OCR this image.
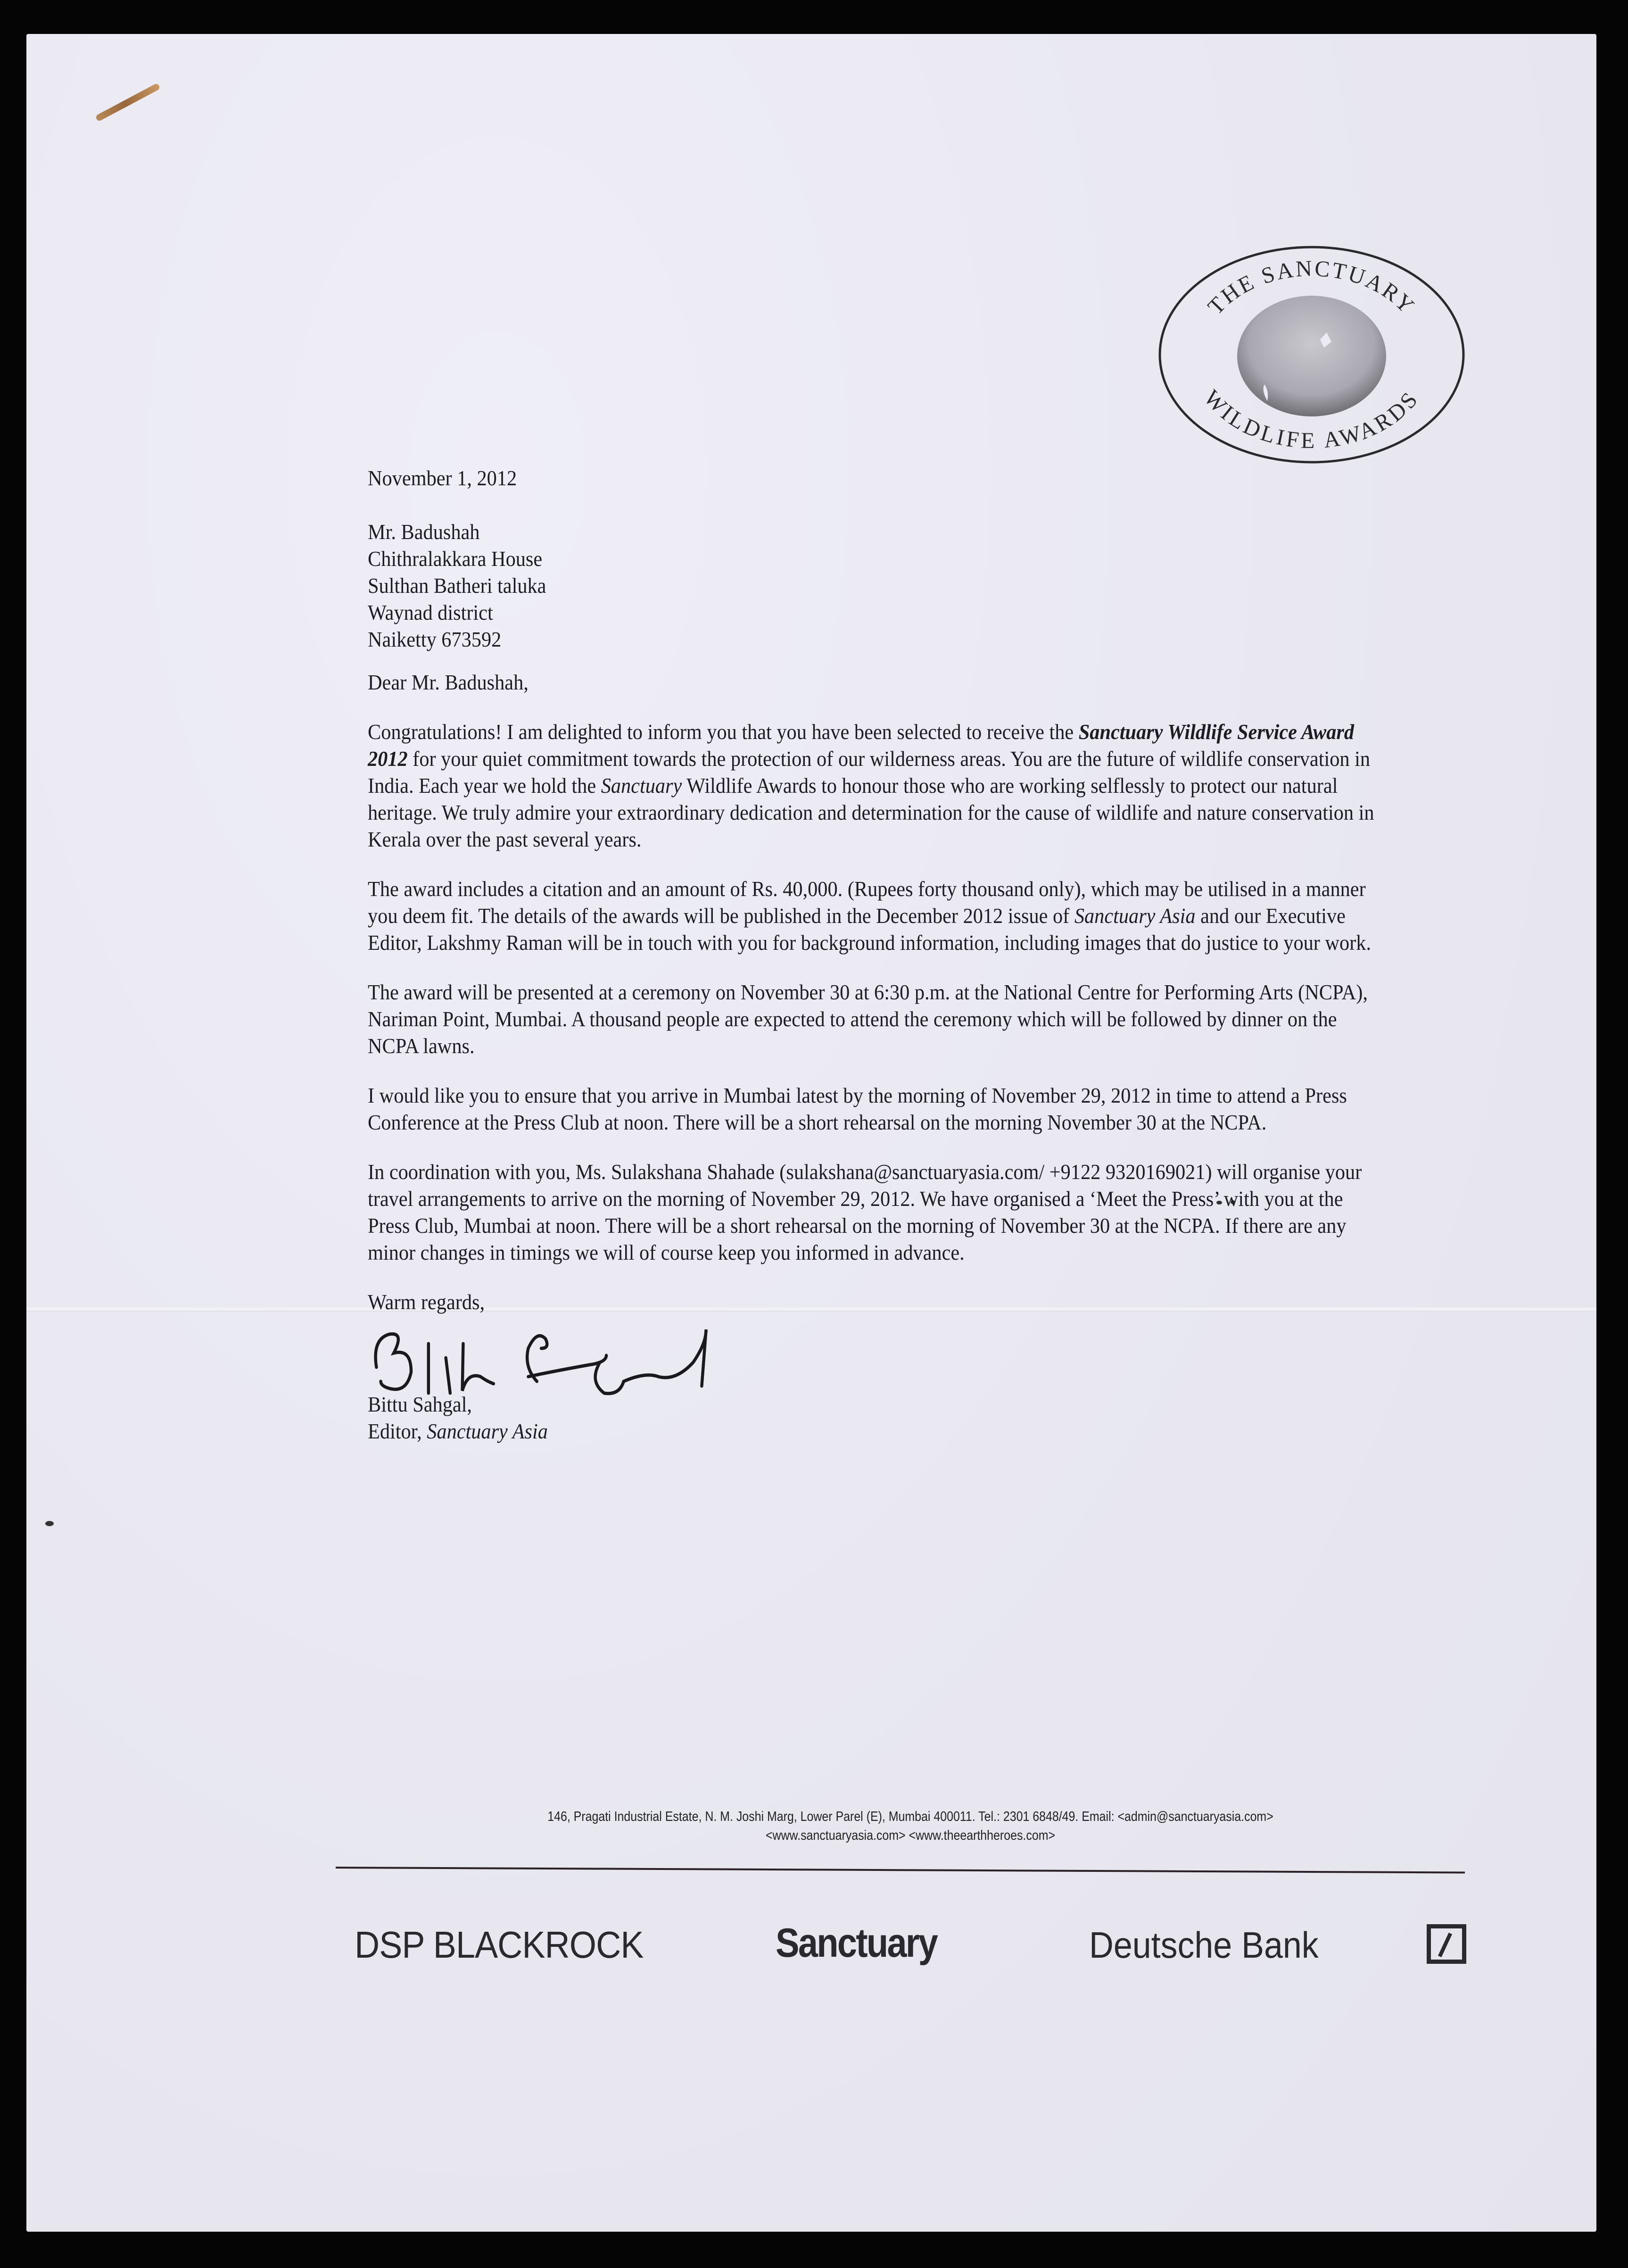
THE SANCTUARY
WILDLIFE AWARDS
November 1, 2012
Mr. Badushah
Chithralakkara House
Sulthan Batheri taluka
Waynad district
Naiketty 673592
Dear Mr. Badushah,

Congratulations! I am delighted to inform you that you have been selected to receive the Sanctuary Wildlife Service Award 2012 for your quiet commitment towards the protection of our wilderness areas. You are the future of wildlife conservation in India. Each year we hold the Sanctuary Wildlife Awards to honour those who are working selflessly to protect our natural heritage. We truly admire your extraordinary dedication and determination for the cause of wildlife and nature conservation in Kerala over the past several years.

The award includes a citation and an amount of Rs. 40,000. (Rupees forty thousand only), which may be utilised in a manner you deem fit. The details of the awards will be published in the December 2012 issue of Sanctuary Asia and our Executive Editor, Lakshmy Raman will be in touch with you for background information, including images that do justice to your work.

The award will be presented at a ceremony on November 30 at 6:30 p.m. at the National Centre for Performing Arts (NCPA), Nariman Point, Mumbai. A thousand people are expected to attend the ceremony which will be followed by dinner on the NCPA lawns.

I would like you to ensure that you arrive in Mumbai latest by the morning of November 29, 2012 in time to attend a Press Conference at the Press Club at noon. There will be a short rehearsal on the morning November 30 at the NCPA.

In coordination with you, Ms. Sulakshana Shahade (sulakshana@sanctuaryasia.com/ +9122 9320169021) will organise your travel arrangements to arrive on the morning of November 29, 2012. We have organised a ‘Meet the Press’ with you at the Press Club, Mumbai at noon. There will be a short rehearsal on the morning of November 30 at the NCPA. If there are any minor changes in timings we will of course keep you informed in advance.

Warm regards,
Bittu Sahgal,
Editor, Sanctuary Asia
146, Pragati Industrial Estate, N. M. Joshi Marg, Lower Parel (E), Mumbai 400011. Tel.: 2301 6848/49. Email: <admin@sanctuaryasia.com>
<www.sanctuaryasia.com> <www.theearthheroes.com>
DSP BLACKROCK	Sanctuary	Deutsche Bank
